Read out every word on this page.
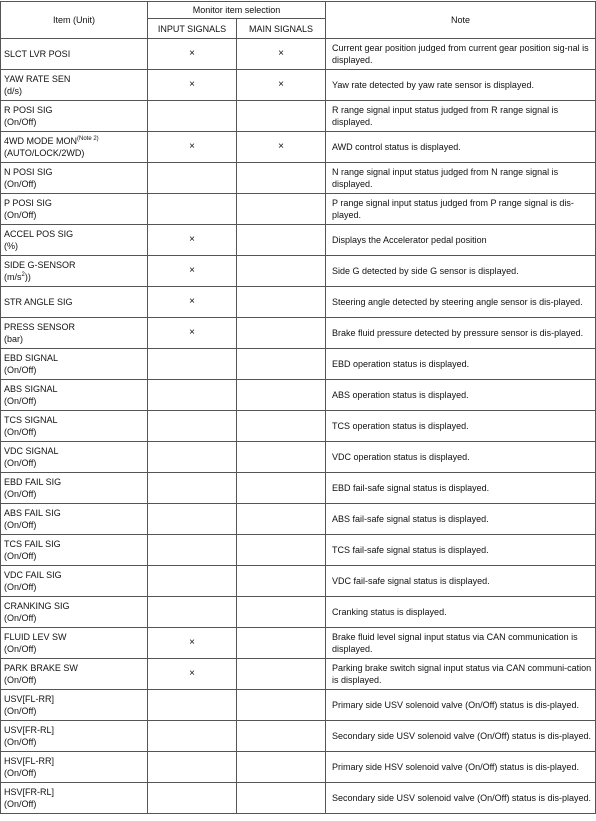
Item (Unit)	Monitor item selection		Note
	INPUT SIGNALS	MAIN SIGNALS	
SLCT LVR POSI	×	×	Current gear position judged from current gear position sig-nal is displayed.
YAW RATE SEN
(d/s)	×	×	Yaw rate detected by yaw rate sensor is displayed.
R POSI SIG
(On/Off)			R range signal input status judged from R range signal is displayed.
4WD MODE $MON^{(Note 2)}$
(AUTO/LOCK/2WD)	×	×	AWD control status is displayed.
N POSI SIG
(On/Off)			N range signal input status judged from N range signal is displayed.
P POSI SIG
(On/Off)			P range signal input status judged from P range signal is dis-played.
ACCEL POS SIG
(%)	×		Displays the Accelerator pedal position
SIDE G-SENSOR
$(m/s^2)$)	×		Side G detected by side G sensor is displayed.
STR ANGLE SIG	×		Steering angle detected by steering angle sensor is dis-played.
PRESS SENSOR
(bar)	×		Brake fluid pressure detected by pressure sensor is dis-played.
EBD SIGNAL
(On/Off)			EBD operation status is displayed.
ABS SIGNAL
(On/Off)			ABS operation status is displayed.
TCS SIGNAL
(On/Off)			TCS operation status is displayed.
VDC SIGNAL
(On/Off)			VDC operation status is displayed.
EBD FAIL SIG
(On/Off)			EBD fail-safe signal status is displayed.
ABS FAIL SIG
(On/Off)			ABS fail-safe signal status is displayed.
TCS FAIL SIG
(On/Off)			TCS fail-safe signal status is displayed.
VDC FAIL SIG
(On/Off)			VDC fail-safe signal status is displayed.
CRANKING SIG
(On/Off)			Cranking status is displayed.
FLUID LEV SW
(On/Off)	×		Brake fluid level signal input status via CAN communication is displayed.
PARK BRAKE SW
(On/Off)	×		Parking brake switch signal input status via CAN communi-cation is displayed.
USV[FL-RR]
(On/Off)			Primary side USV solenoid valve (On/Off) status is dis-played.
USV[FR-RL]
(On/Off)			Secondary side USV solenoid valve (On/Off) status is dis-played.
HSV[FL-RR]
(On/Off)			Primary side HSV solenoid valve (On/Off) status is dis-played.
HSV[FR-RL]
(On/Off)			Secondary side USV solenoid valve (On/Off) status is dis-played.
